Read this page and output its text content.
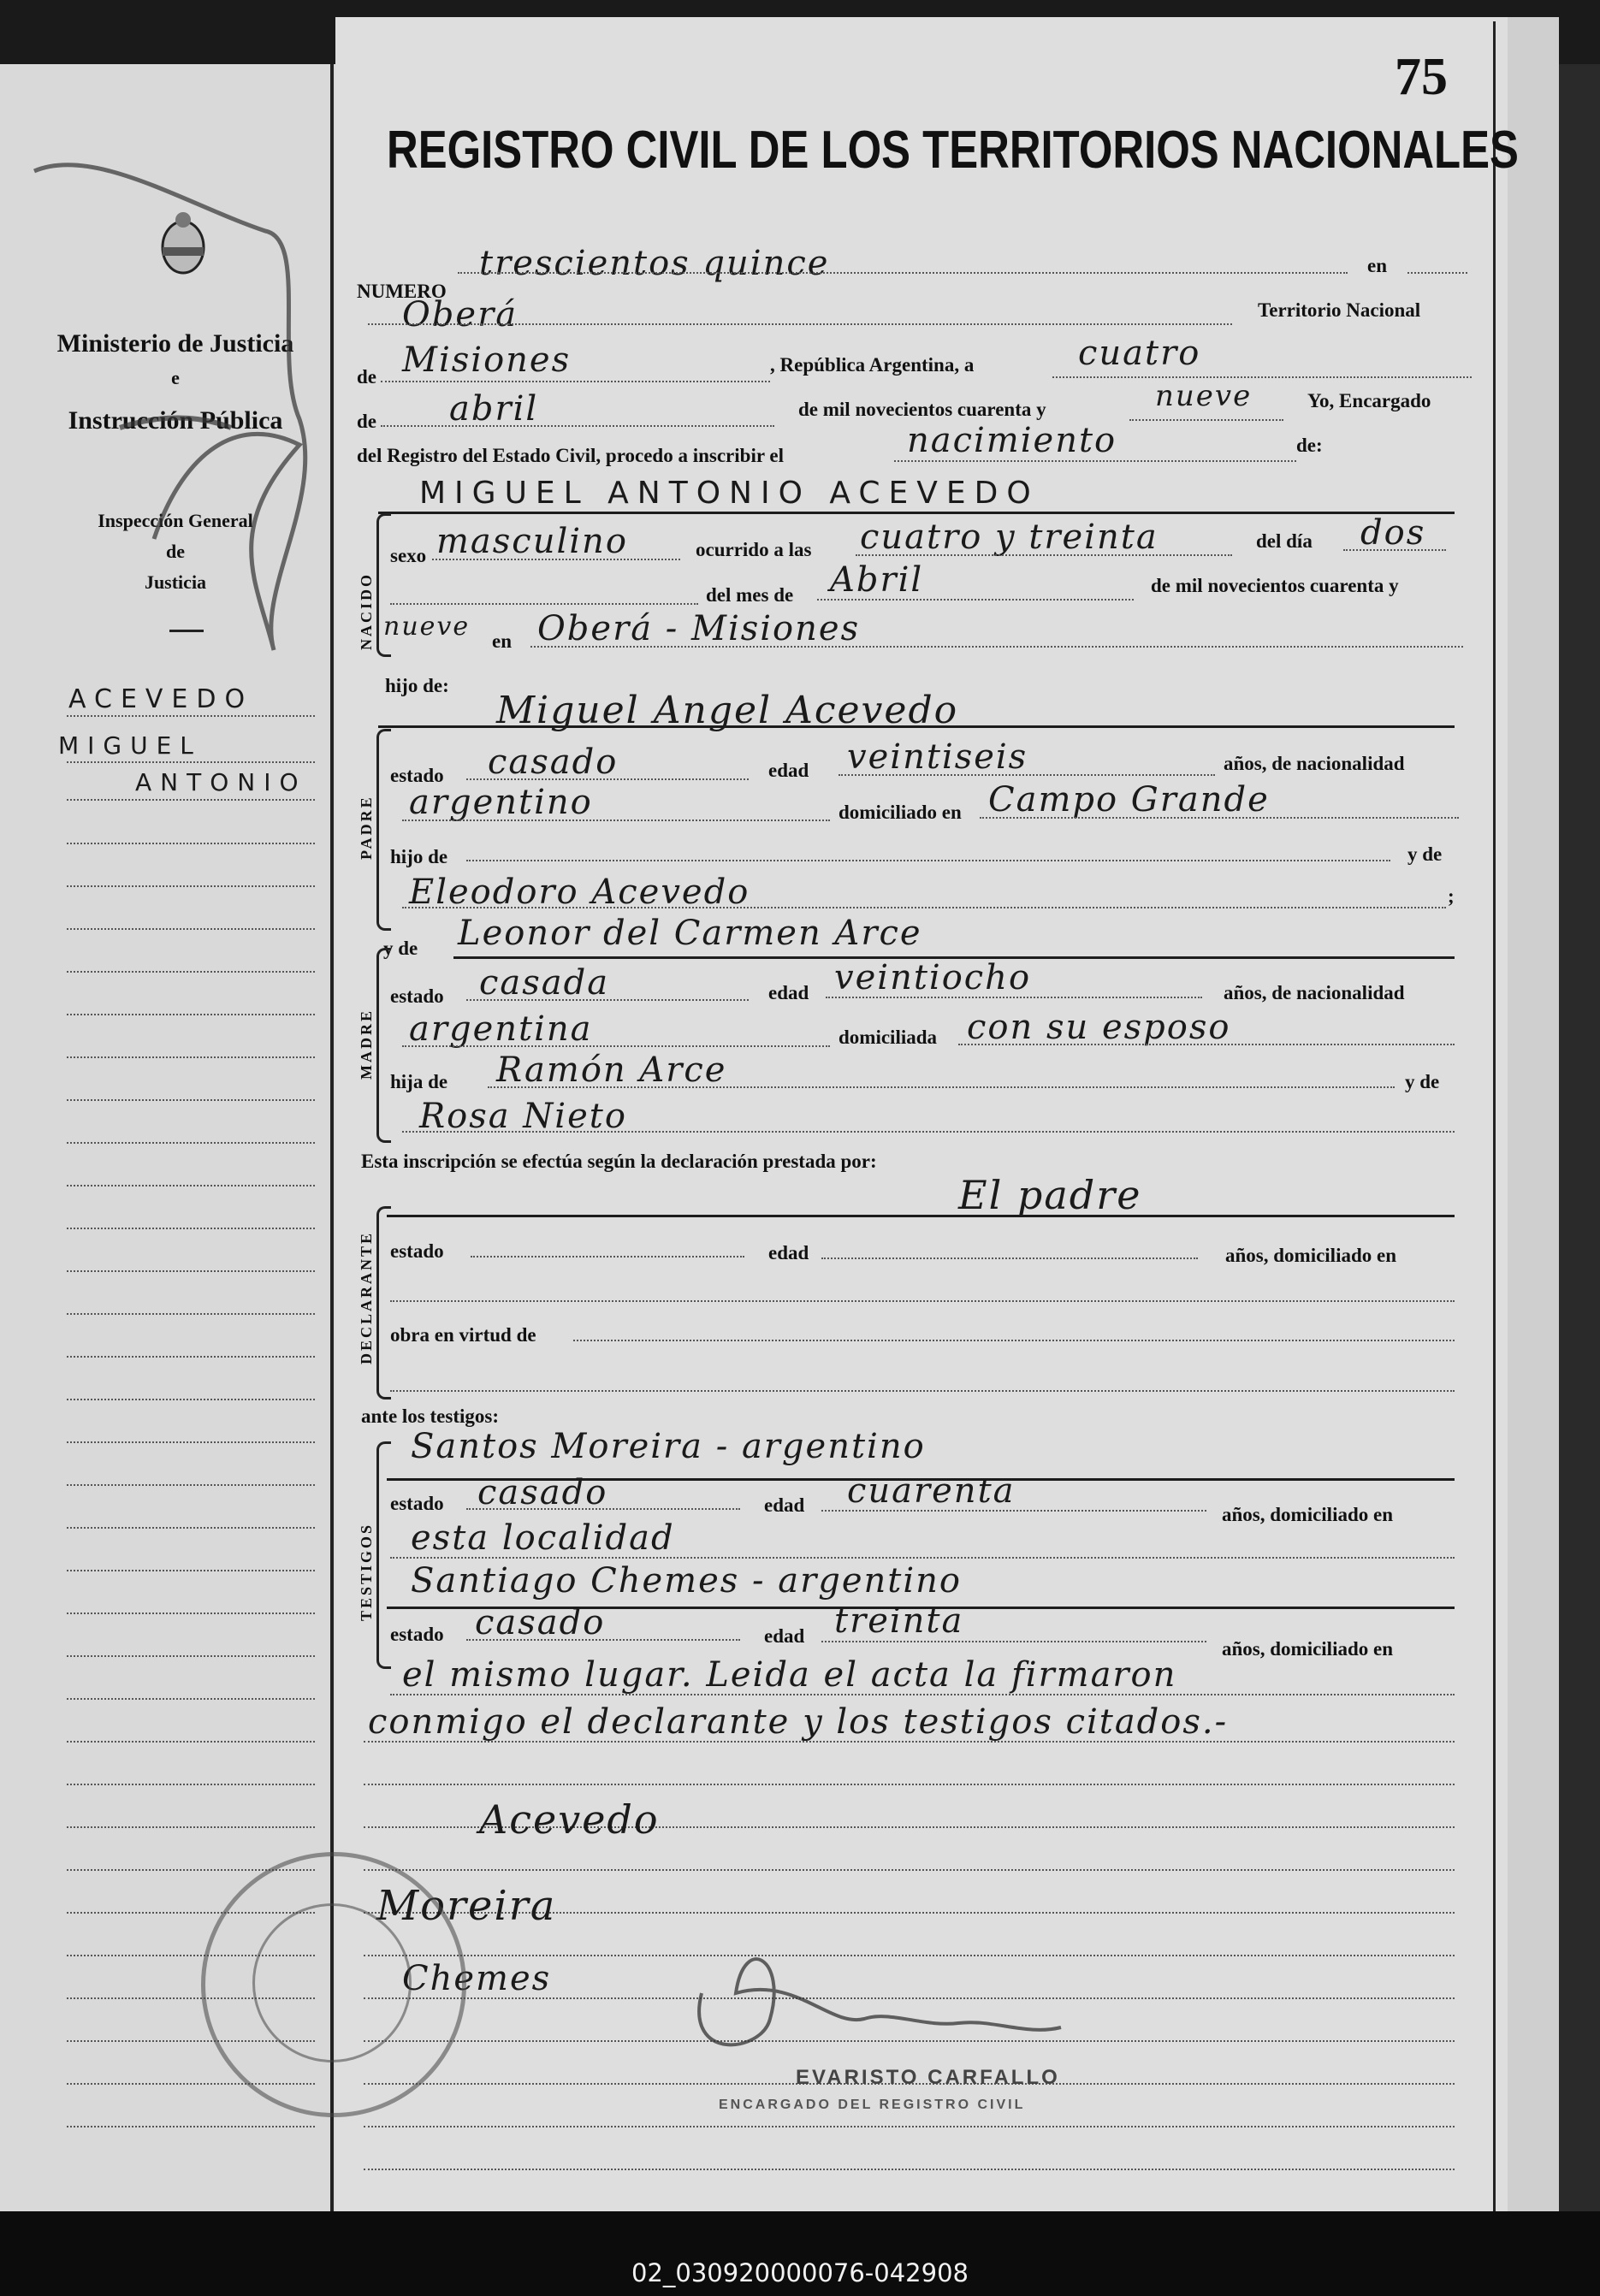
02_030920000076-042908
Ministerio de Justicia
e
Instrucción Pública
Inspección General
de
Justicia
ACEVEDO
MIGUEL
ANTONIO
75
REGISTRO CIVIL DE LOS TERRITORIOS NACIONALES
NUMERO
trescientos quince	en
Oberá	Territorio Nacional
de Misiones	, República Argentina, a	cuatro
de abril	de mil novecientos cuarenta y	nueve	Yo, Encargado
del Registro del Estado Civil, procedo a inscribir el	nacimiento	de:
MIGUEL ANTONIO ACEVEDO
NACIDO
sexo masculino	ocurrido a las cuatro y treinta	del día dos
del mes de Abril	de mil novecientos cuarenta y
nueve en Oberá - Misiones
hijo de:
Miguel Angel Acevedo
PADRE
estado casado	edad veintiseis	años, de nacionalidad
argentino	domiciliado en Campo Grande
hijo de	y de
Eleodoro Acevedo	;
y de Leonor del Carmen Arce
MADRE
estado casada	edad veintiocho	años, de nacionalidad
argentina	domiciliada con su esposo
hija de Ramón Arce	y de
Rosa Nieto
Esta inscripción se efectúa según la declaración prestada por:
El padre
DECLARANTE estado	edad	años, domiciliado en
obra en virtud de
ante los testigos:
Santos Moreira - argentino
TESTIGOS
estado casado	edad cuarenta
años, domiciliado en
esta localidad
Santiago Chemes - argentino
estado casado	edad treinta
años, domiciliado en
el mismo lugar. Leida el acta la firmaron
conmigo el declarante y los testigos citados.-
Acevedo
Moreira
Chemes
EVARISTO CARFALLO
ENCARGADO DEL REGISTRO CIVIL
